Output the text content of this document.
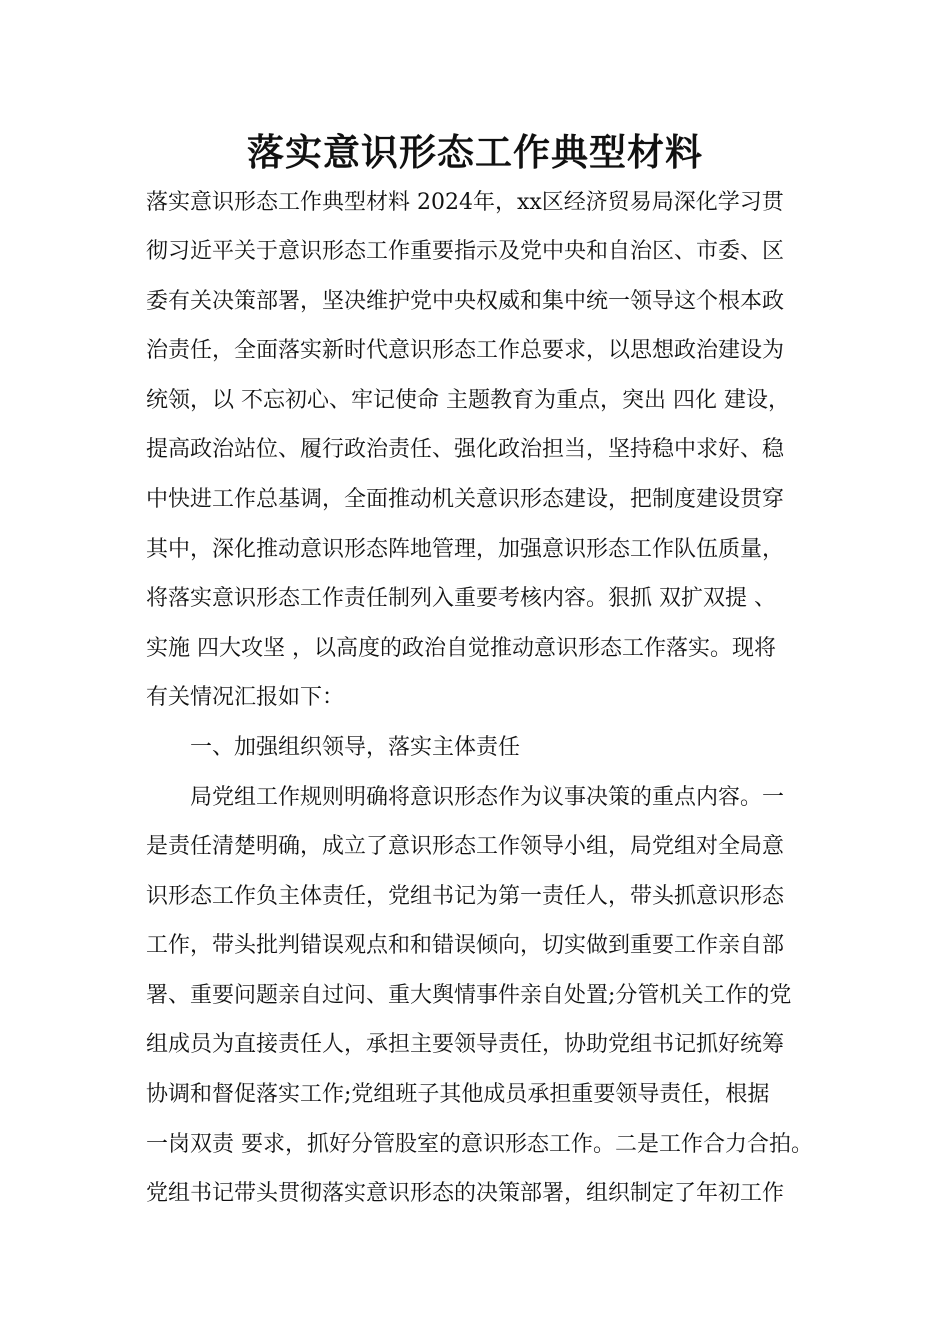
落实意识形态工作典型材料
落实意识形态工作典型材料 2024年，xx区经济贸易局深化学习贯
彻习近平关于意识形态工作重要指示及党中央和自治区、市委、区
委有关决策部署，坚决维护党中央权威和集中统一领导这个根本政
治责任，全面落实新时代意识形态工作总要求，以思想政治建设为
统领，以 不忘初心、牢记使命 主题教育为重点，突出 四化 建设，
提高政治站位、履行政治责任、强化政治担当，坚持稳中求好、稳
中快进工作总基调，全面推动机关意识形态建设，把制度建设贯穿
其中，深化推动意识形态阵地管理，加强意识形态工作队伍质量，
将落实意识形态工作责任制列入重要考核内容。狠抓 双扩双提 、
实施 四大攻坚 ，以高度的政治自觉推动意识形态工作落实。现将
有关情况汇报如下：
一、加强组织领导，落实主体责任
局党组工作规则明确将意识形态作为议事决策的重点内容。一
是责任清楚明确，成立了意识形态工作领导小组，局党组对全局意
识形态工作负主体责任，党组书记为第一责任人，带头抓意识形态
工作，带头批判错误观点和和错误倾向，切实做到重要工作亲自部
署、重要问题亲自过问、重大舆情事件亲自处置;分管机关工作的党
组成员为直接责任人，承担主要领导责任，协助党组书记抓好统筹
协调和督促落实工作;党组班子其他成员承担重要领导责任，根据
一岗双责 要求，抓好分管股室的意识形态工作。二是工作合力合拍。
党组书记带头贯彻落实意识形态的决策部署，组织制定了年初工作
